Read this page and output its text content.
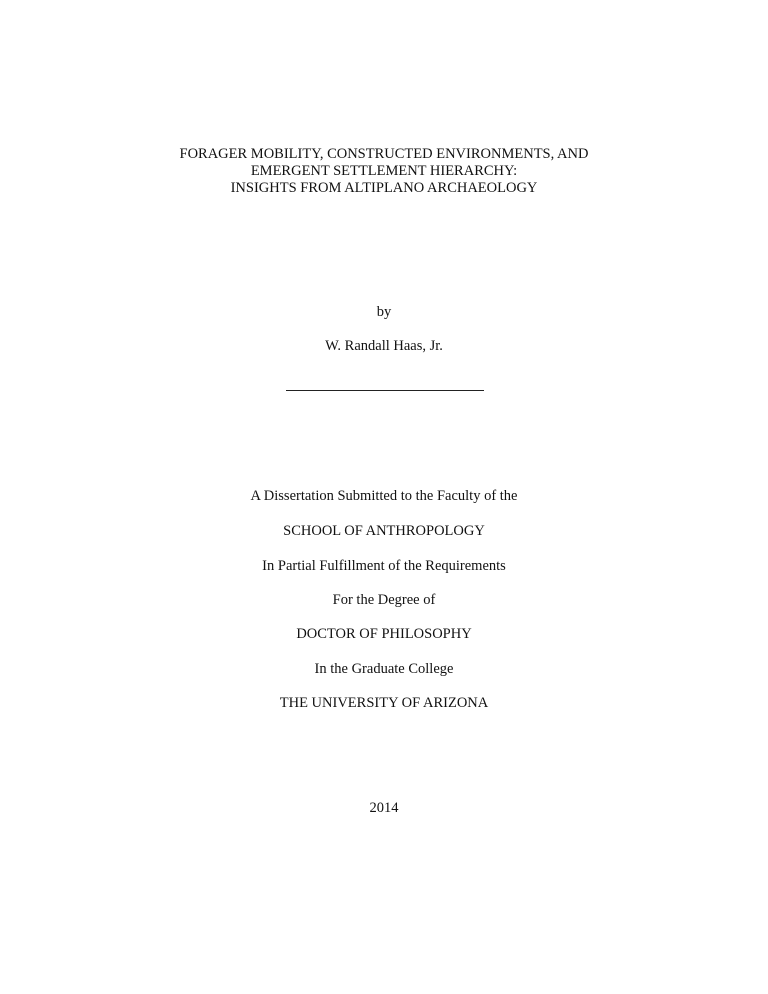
FORAGER MOBILITY, CONSTRUCTED ENVIRONMENTS, AND
EMERGENT SETTLEMENT HIERARCHY:
INSIGHTS FROM ALTIPLANO ARCHAEOLOGY
by
W. Randall Haas, Jr.
A Dissertation Submitted to the Faculty of the
SCHOOL OF ANTHROPOLOGY
In Partial Fulfillment of the Requirements
For the Degree of
DOCTOR OF PHILOSOPHY
In the Graduate College
THE UNIVERSITY OF ARIZONA
2014
